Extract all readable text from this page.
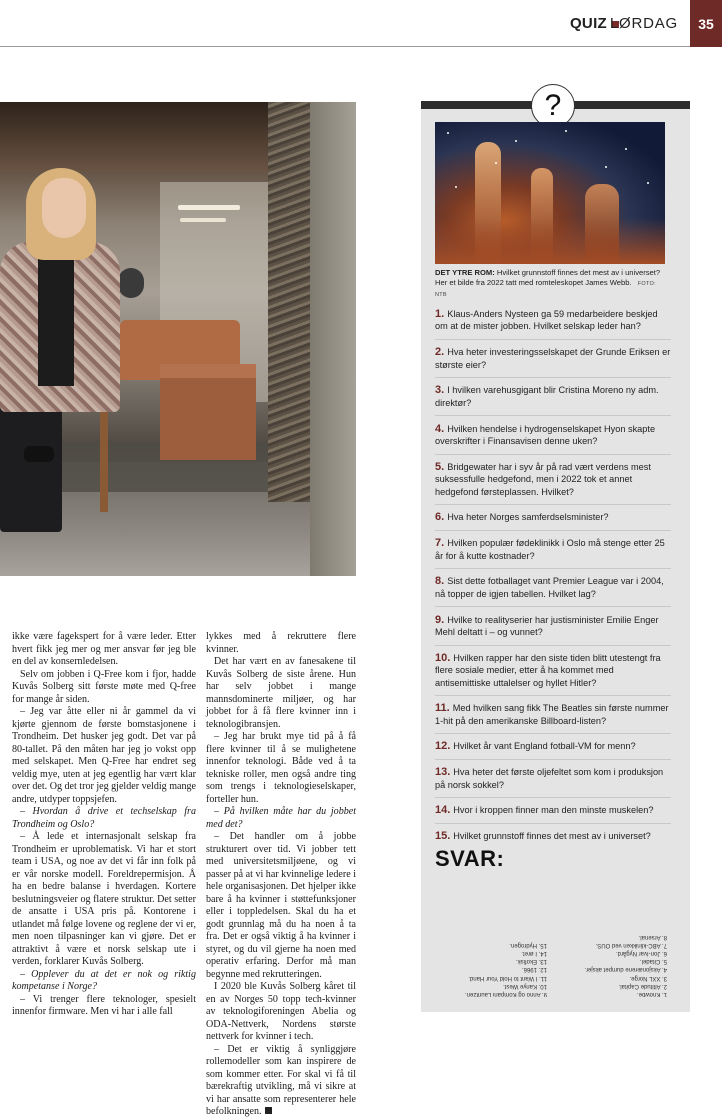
QUIZ LØRDAG	35

ikke være fagekspert for å være leder. Etter hvert fikk jeg mer og mer ansvar før jeg ble en del av konsernledelsen.

Selv om jobben i Q-Free kom i fjor, hadde Kuvås Solberg sitt første møte med Q-free for mange år siden.

– Jeg var åtte eller ni år gammel da vi kjørte gjennom de første bomstasjonene i Trondheim. Det husker jeg godt. Det var på 80-tallet. På den måten har jeg jo vokst opp med selskapet. Men Q-Free har endret seg veldig mye, uten at jeg egentlig har vært klar over det. Og det tror jeg gjelder veldig mange andre, utdyper toppsjefen.

– Hvordan å drive et techselskap fra Trondheim og Oslo?

– Å lede et internasjonalt selskap fra Trondheim er uproblematisk. Vi har et stort team i USA, og noe av det vi får inn folk på er vår norske modell. Foreldrepermisjon. Å ha en bedre balanse i hverdagen. Kortere beslutningsveier og flatere struktur. Det setter de ansatte i USA pris på. Kontorene i utlandet må følge lovene og reglene der vi er, men noen tilpasninger kan vi gjøre. Det er attraktivt å være et norsk selskap ute i verden, forklarer Kuvås Solberg.

– Opplever du at det er nok og riktig kompetanse i Norge?

– Vi trenger flere teknologer, spesielt innenfor firmware. Men vi har i alle fall

lykkes med å rekruttere flere kvinner.

Det har vært en av fanesakene til Kuvås Solberg de siste årene. Hun har selv jobbet i mange mannsdominerte miljøer, og har jobbet for å få flere kvinner inn i teknologibransjen.

– Jeg har brukt mye tid på å få flere kvinner til å se mulighetene innenfor teknologi. Både ved å ta tekniske roller, men også andre ting som trengs i teknologieselskaper, forteller hun.

– På hvilken måte har du jobbet med det?

– Det handler om å jobbe strukturert over tid. Vi jobber tett med universitetsmiljøene, og vi passer på at vi har kvinnelige ledere i hele organisasjonen. Det hjelper ikke bare å ha kvinner i støttefunksjoner eller i toppledelsen. Skal du ha et godt grunnlag må du ha noen å ta fra. Det er også viktig å ha kvinner i styret, og du vil gjerne ha noen med operativ erfaring. Derfor må man begynne med rekrutteringen.

I 2020 ble Kuvås Solberg kåret til en av Norges 50 topp tech-kvinner av teknologiforeningen Abelia og ODA-Nettverk, Nordens største nettverk for kvinner i tech.

– Det er viktig å synliggjøre rollemodeller som kan inspirere de som kommer etter. For skal vi få til bærekraftig utvikling, må vi sikre at vi har ansatte som representerer hele befolkningen.

?
DET YTRE ROM: Hvilket grunnstoff finnes det mest av i universet? Her et bilde fra 2022 tatt med romteleskopet James Webb. FOTO: NTB
1. Klaus-Anders Nysteen ga 59 medarbeidere beskjed om at de mister jobben. Hvilket selskap leder han?
2. Hva heter investeringsselskapet der Grunde Eriksen er største eier?
3. I hvilken varehusgigant blir Cristina Moreno ny adm. direktør?
4. Hvilken hendelse i hydrogenselskapet Hyon skapte overskrifter i Finansavisen denne uken?
5. Bridgewater har i syv år på rad vært verdens mest suksessfulle hedgefond, men i 2022 tok et annet hedgefond førsteplassen. Hvilket?
6. Hva heter Norges samferdselsminister?
7. Hvilken populær fødeklinikk i Oslo må stenge etter 25 år for å kutte kostnader?
8. Sist dette fotballaget vant Premier League var i 2004, nå topper de igjen tabellen. Hvilket lag?
9. Hvilke to realityserier har justisminister Emilie Enger Mehl deltatt i – og vunnet?
10. Hvilken rapper har den siste tiden blitt utestengt fra flere sosiale medier, etter å ha kommet med antisemittiske uttalelser og hyllet Hitler?
11. Med hvilken sang fikk The Beatles sin første nummer 1-hit på den amerikanske Billboard-listen?
12. Hvilket år vant England fotball-VM for menn?
13. Hva heter det første oljefeltet som kom i produksjon på norsk sokkel?
14. Hvor i kroppen finner man den minste muskelen?
15. Hvilket grunnstoff finnes det mest av i universet?
SVAR:
1. Knowbe.
2. Altitude Capital.
3. XXL Norge.
4. Aksjonærene dumpet aksjer.
5. Citadel.
6. Jon-Ivar Nygård.
7. ABC-klinikken ved OUS.
8. Arsenal.
9. Anno og Kompani Lauritzen.
10. Kanye West.
11. I Want to Hold Your Hand.
12. 1966.
13. Ekofisk.
14. I øret.
15. Hydrogen.
